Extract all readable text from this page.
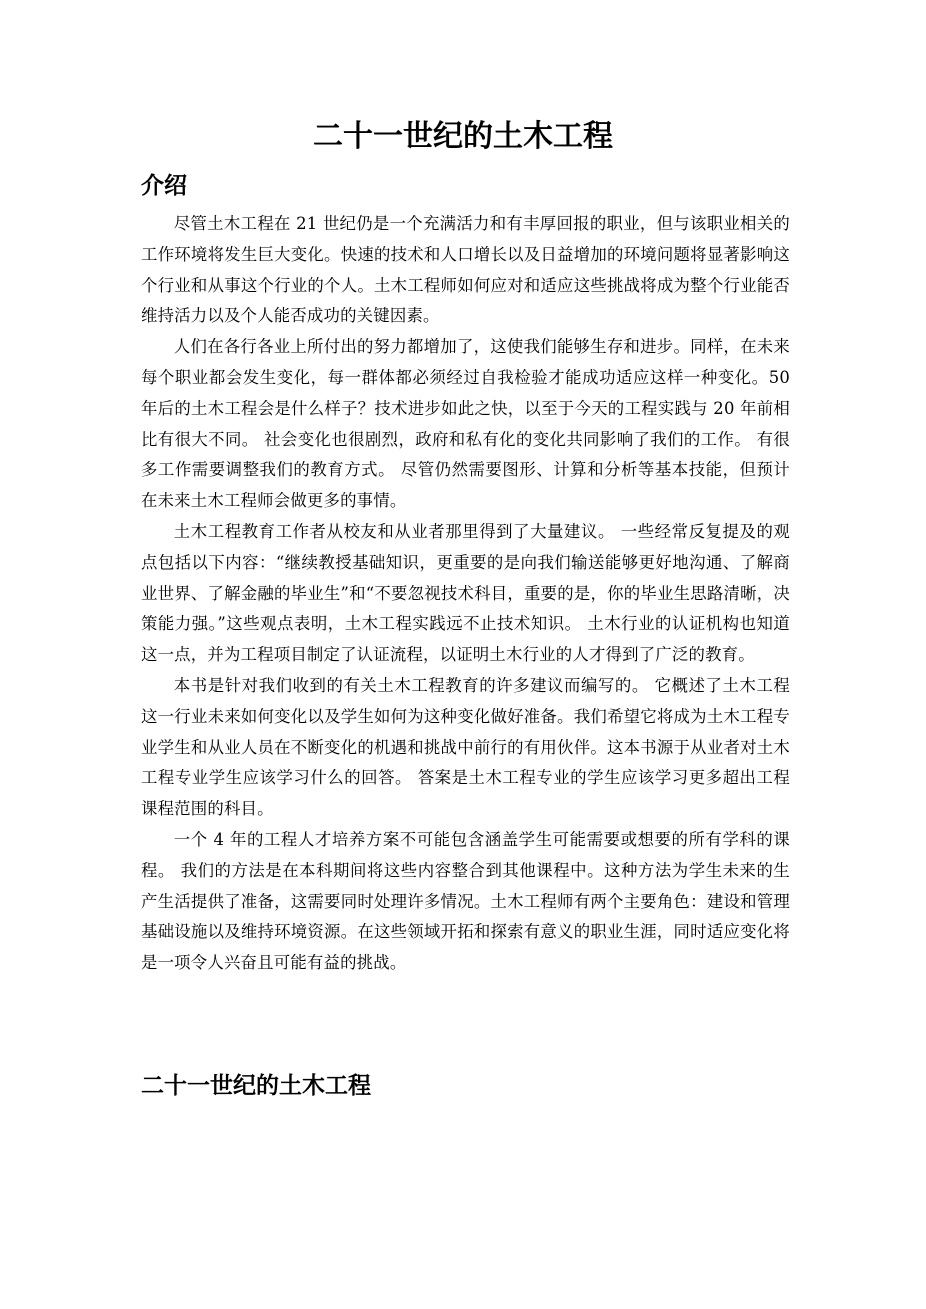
二十一世纪的土木工程
介绍

尽管土木工程在 21 世纪仍是一个充满活力和有丰厚回报的职业，但与该职业相关的工作环境将发生巨大变化。快速的技术和人口增长以及日益增加的环境问题将显著影响这个行业和从事这个行业的个人。土木工程师如何应对和适应这些挑战将成为整个行业能否维持活力以及个人能否成功的关键因素。

人们在各行各业上所付出的努力都增加了，这使我们能够生存和进步。同样，在未来每个职业都会发生变化，每一群体都必须经过自我检验才能成功适应这样一种变化。50 年后的土木工程会是什么样子？技术进步如此之快，以至于今天的工程实践与 20 年前相比有很大不同。 社会变化也很剧烈，政府和私有化的变化共同影响了我们的工作。 有很多工作需要调整我们的教育方式。 尽管仍然需要图形、计算和分析等基本技能，但预计在未来土木工程师会做更多的事情。

土木工程教育工作者从校友和从业者那里得到了大量建议。 一些经常反复提及的观点包括以下内容：“继续教授基础知识，更重要的是向我们输送能够更好地沟通、了解商业世界、了解金融的毕业生”和“不要忽视技术科目，重要的是，你的毕业生思路清晰，决策能力强。”这些观点表明，土木工程实践远不止技术知识。 土木行业的认证机构也知道这一点，并为工程项目制定了认证流程，以证明土木行业的人才得到了广泛的教育。

本书是针对我们收到的有关土木工程教育的许多建议而编写的。 它概述了土木工程这一行业未来如何变化以及学生如何为这种变化做好准备。我们希望它将成为土木工程专业学生和从业人员在不断变化的机遇和挑战中前行的有用伙伴。这本书源于从业者对土木工程专业学生应该学习什么的回答。 答案是土木工程专业的学生应该学习更多超出工程课程范围的科目。

一个 4 年的工程人才培养方案不可能包含涵盖学生可能需要或想要的所有学科的课程。 我们的方法是在本科期间将这些内容整合到其他课程中。这种方法为学生未来的生产生活提供了准备，这需要同时处理许多情况。土木工程师有两个主要角色：建设和管理基础设施以及维持环境资源。在这些领域开拓和探索有意义的职业生涯，同时适应变化将是一项令人兴奋且可能有益的挑战。

二十一世纪的土木工程
